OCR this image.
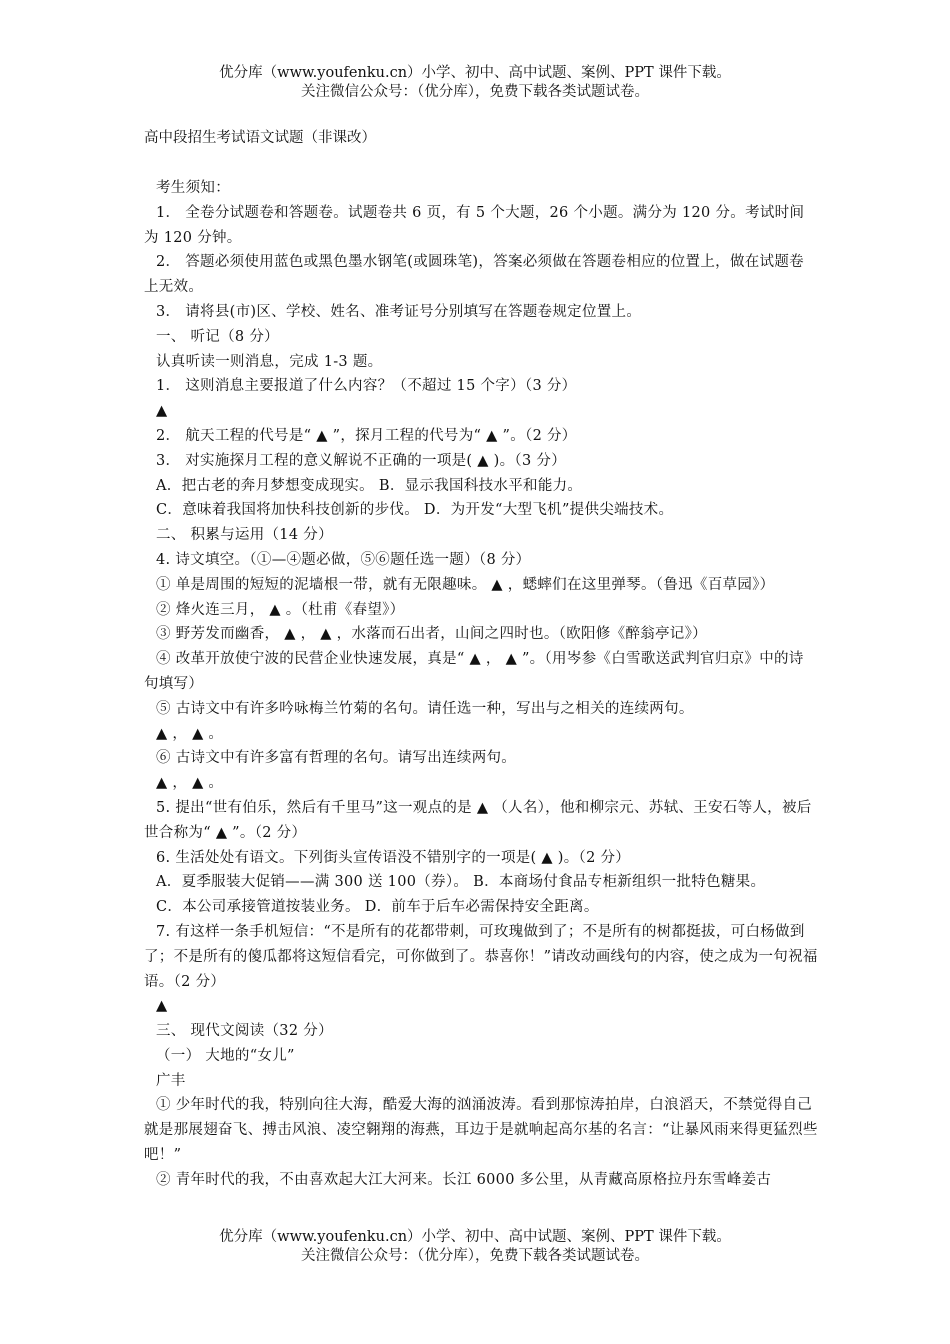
优分库（www.youfenku.cn）小学、初中、高中试题、案例、PPT 课件下载。
关注微信公众号：（优分库），免费下载各类试题试卷。
高中段招生考试语文试题（非课改）

考生须知：

1． 全卷分试题卷和答题卷。试题卷共 6 页，有 5 个大题，26 个小题。满分为 120 分。考试时间为 120 分钟。

2． 答题必须使用蓝色或黑色墨水钢笔(或圆珠笔)，答案必须做在答题卷相应的位置上，做在试题卷上无效。

3． 请将县(市)区、学校、姓名、准考证号分别填写在答题卷规定位置上。

一、 听记（8 分）

认真听读一则消息，完成 1-3 题。

1． 这则消息主要报道了什么内容？（不超过 15 个字）（3 分）

▲

2． 航天工程的代号是“ ▲ ”，探月工程的代号为“ ▲ ”。（2 分）

3． 对实施探月工程的意义解说不正确的一项是( ▲ )。（3 分）

A．把古老的奔月梦想变成现实。 B．显示我国科技水平和能力。

C．意味着我国将加快科技创新的步伐。 D．为开发“大型飞机”提供尖端技术。

二、 积累与运用（14 分）

4. 诗文填空。（①—④题必做，⑤⑥题任选一题）（8 分）

① 单是周围的短短的泥墙根一带，就有无限趣味。 ▲ ，蟋蟀们在这里弹琴。（鲁迅《百草园》）

② 烽火连三月， ▲ 。（杜甫《春望》）

③ 野芳发而幽香， ▲ ， ▲ ，水落而石出者，山间之四时也。（欧阳修《醉翁亭记》）

④ 改革开放使宁波的民营企业快速发展，真是“ ▲ ， ▲ ”。（用岑参《白雪歌送武判官归京》中的诗句填写）

⑤ 古诗文中有许多吟咏梅兰竹菊的名句。请任选一种，写出与之相关的连续两句。

▲ ， ▲ 。

⑥ 古诗文中有许多富有哲理的名句。请写出连续两句。

▲ ， ▲ 。

5. 提出“世有伯乐，然后有千里马”这一观点的是 ▲ （人名），他和柳宗元、苏轼、王安石等人，被后世合称为“ ▲ ”。（2 分）

6. 生活处处有语文。下列街头宣传语没不错别字的一项是( ▲ )。（2 分）

A．夏季服装大促销——满 300 送 100（券）。 B．本商场付食品专柜新组织一批特色糖果。

C．本公司承接管道按装业务。 D．前车于后车必需保持安全距离。

7. 有这样一条手机短信：“不是所有的花都带刺，可玫瑰做到了；不是所有的树都挺拔，可白杨做到了；不是所有的傻瓜都将这短信看完，可你做到了。恭喜你！”请改动画线句的内容，使之成为一句祝福语。（2 分）

▲

三、 现代文阅读（32 分）

（一） 大地的“女儿”

广丰

① 少年时代的我，特别向往大海，酷爱大海的汹涌波涛。看到那惊涛拍岸，白浪滔天，不禁觉得自己就是那展翅奋飞、搏击风浪、凌空翱翔的海燕，耳边于是就响起高尔基的名言：“让暴风雨来得更猛烈些吧！”

② 青年时代的我，不由喜欢起大江大河来。长江 6000 多公里，从青藏高原格拉丹东雪峰姜古

优分库（www.youfenku.cn）小学、初中、高中试题、案例、PPT 课件下载。
关注微信公众号：（优分库），免费下载各类试题试卷。
